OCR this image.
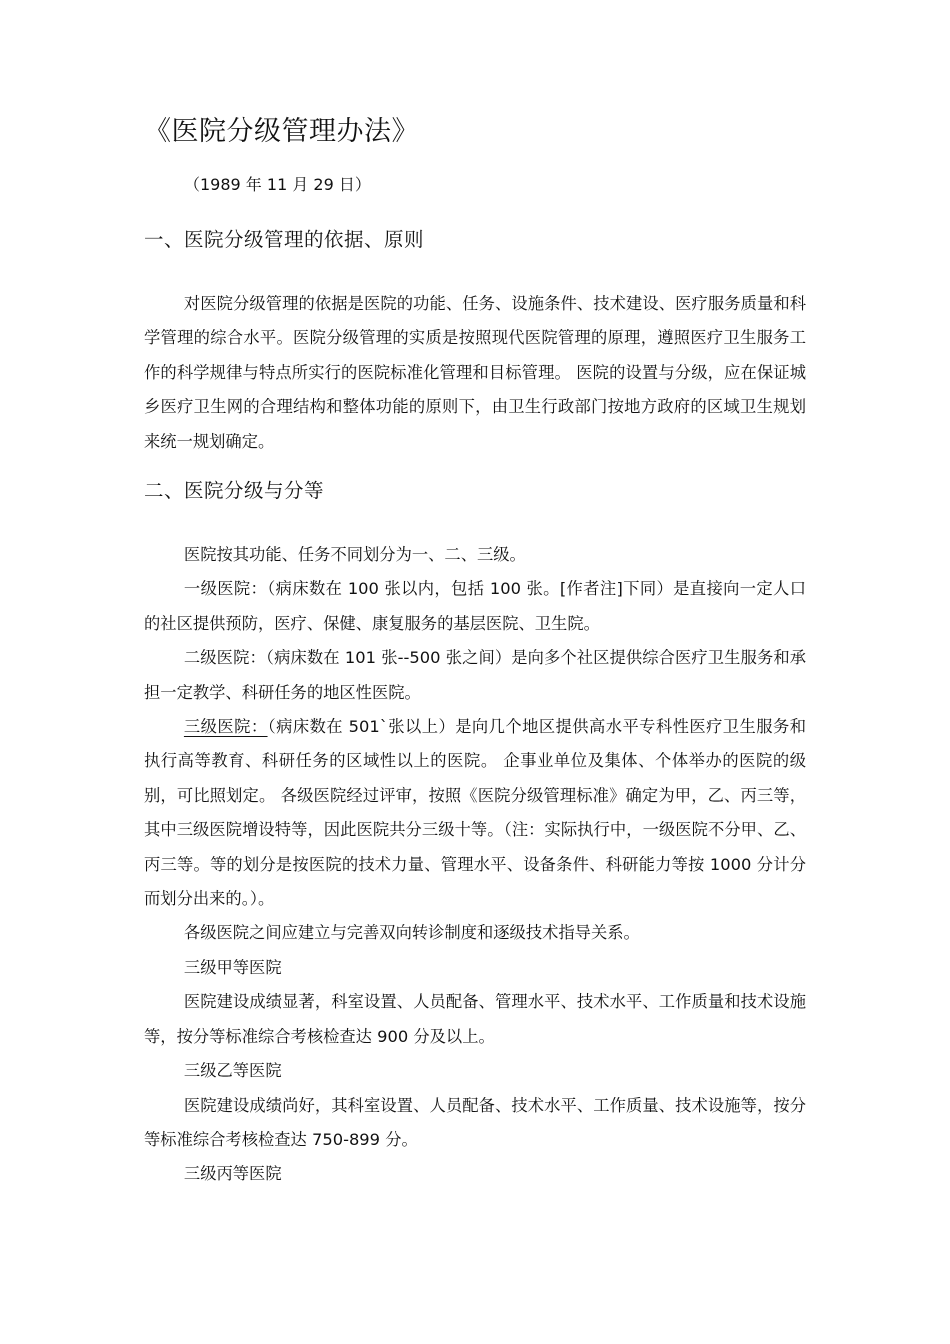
《医院分级管理办法》
（1989 年 11 月 29 日）
一、医院分级管理的依据、原则

对医院分级管理的依据是医院的功能、任务、设施条件、技术建设、医疗服务质量和科学管理的综合水平。医院分级管理的实质是按照现代医院管理的原理，遵照医疗卫生服务工作的科学规律与特点所实行的医院标准化管理和目标管理。 医院的设置与分级，应在保证城乡医疗卫生网的合理结构和整体功能的原则下，由卫生行政部门按地方政府的区域卫生规划来统一规划确定。

二、医院分级与分等

医院按其功能、任务不同划分为一、二、三级。

一级医院：（病床数在 100 张以内，包括 100 张。[作者注]下同）是直接向一定人口的社区提供预防，医疗、保健、康复服务的基层医院、卫生院。

二级医院：（病床数在 101 张--500 张之间）是向多个社区提供综合医疗卫生服务和承担一定教学、科研任务的地区性医院。

三级医院：（病床数在 501`张以上）是向几个地区提供高水平专科性医疗卫生服务和执行高等教育、科研任务的区域性以上的医院。 企事业单位及集体、个体举办的医院的级别，可比照划定。 各级医院经过评审，按照《医院分级管理标准》确定为甲，乙、丙三等，其中三级医院增设特等，因此医院共分三级十等。（注：实际执行中，一级医院不分甲、乙、丙三等。等的划分是按医院的技术力量、管理水平、设备条件、科研能力等按 1000 分计分而划分出来的。）。

各级医院之间应建立与完善双向转诊制度和逐级技术指导关系。

三级甲等医院

医院建设成绩显著，科室设置、人员配备、管理水平、技术水平、工作质量和技术设施等，按分等标准综合考核检查达 900 分及以上。

三级乙等医院

医院建设成绩尚好，其科室设置、人员配备、技术水平、工作质量、技术设施等，按分等标准综合考核检查达 750-899 分。

三级丙等医院
